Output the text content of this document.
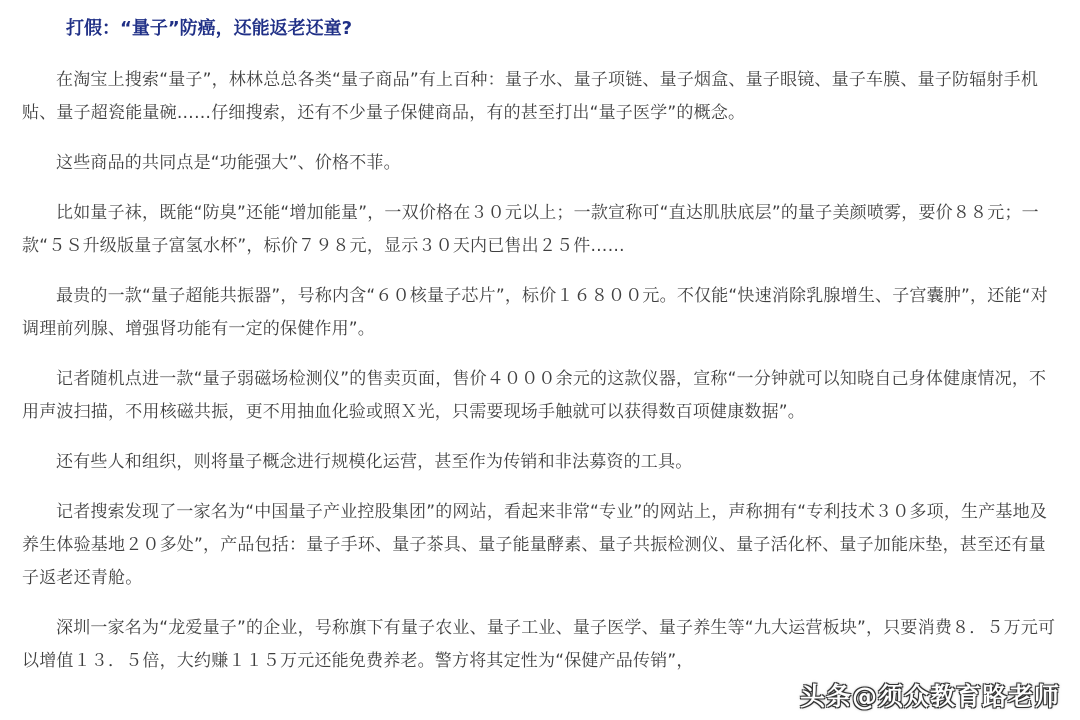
打假：“量子”防癌，还能返老还童?

在淘宝上搜索“量子”，林林总总各类“量子商品”有上百种：量子水、量子项链、量子烟盒、量子眼镜、量子车膜、量子防辐射手机贴、量子超瓷能量碗……仔细搜索，还有不少量子保健商品，有的甚至打出“量子医学”的概念。

这些商品的共同点是“功能强大”、价格不菲。

比如量子袜，既能“防臭”还能“增加能量”，一双价格在３０元以上；一款宣称可“直达肌肤底层”的量子美颜喷雾，要价８８元；一款“５Ｓ升级版量子富氢水杯”，标价７９８元，显示３０天内已售出２５件……

最贵的一款“量子超能共振器”，号称内含“６０核量子芯片”，标价１６８００元。不仅能“快速消除乳腺增生、子宫囊肿”，还能“对调理前列腺、增强肾功能有一定的保健作用”。

记者随机点进一款“量子弱磁场检测仪”的售卖页面，售价４０００余元的这款仪器，宣称“一分钟就可以知晓自己身体健康情况，不用声波扫描，不用核磁共振，更不用抽血化验或照Ｘ光，只需要现场手触就可以获得数百项健康数据”。

还有些人和组织，则将量子概念进行规模化运营，甚至作为传销和非法募资的工具。

记者搜索发现了一家名为“中国量子产业控股集团”的网站，看起来非常“专业”的网站上，声称拥有“专利技术３０多项，生产基地及养生体验基地２０多处”，产品包括：量子手环、量子茶具、量子能量酵素、量子共振检测仪、量子活化杯、量子加能床垫，甚至还有量子返老还青舱。

深圳一家名为“龙爱量子”的企业，号称旗下有量子农业、量子工业、量子医学、量子养生等“九大运营板块”，只要消费８．５万元可以增值１３．５倍，大约赚１１５万元还能免费养老。警方将其定性为“保健产品传销”，

头条@须众教育路老师
